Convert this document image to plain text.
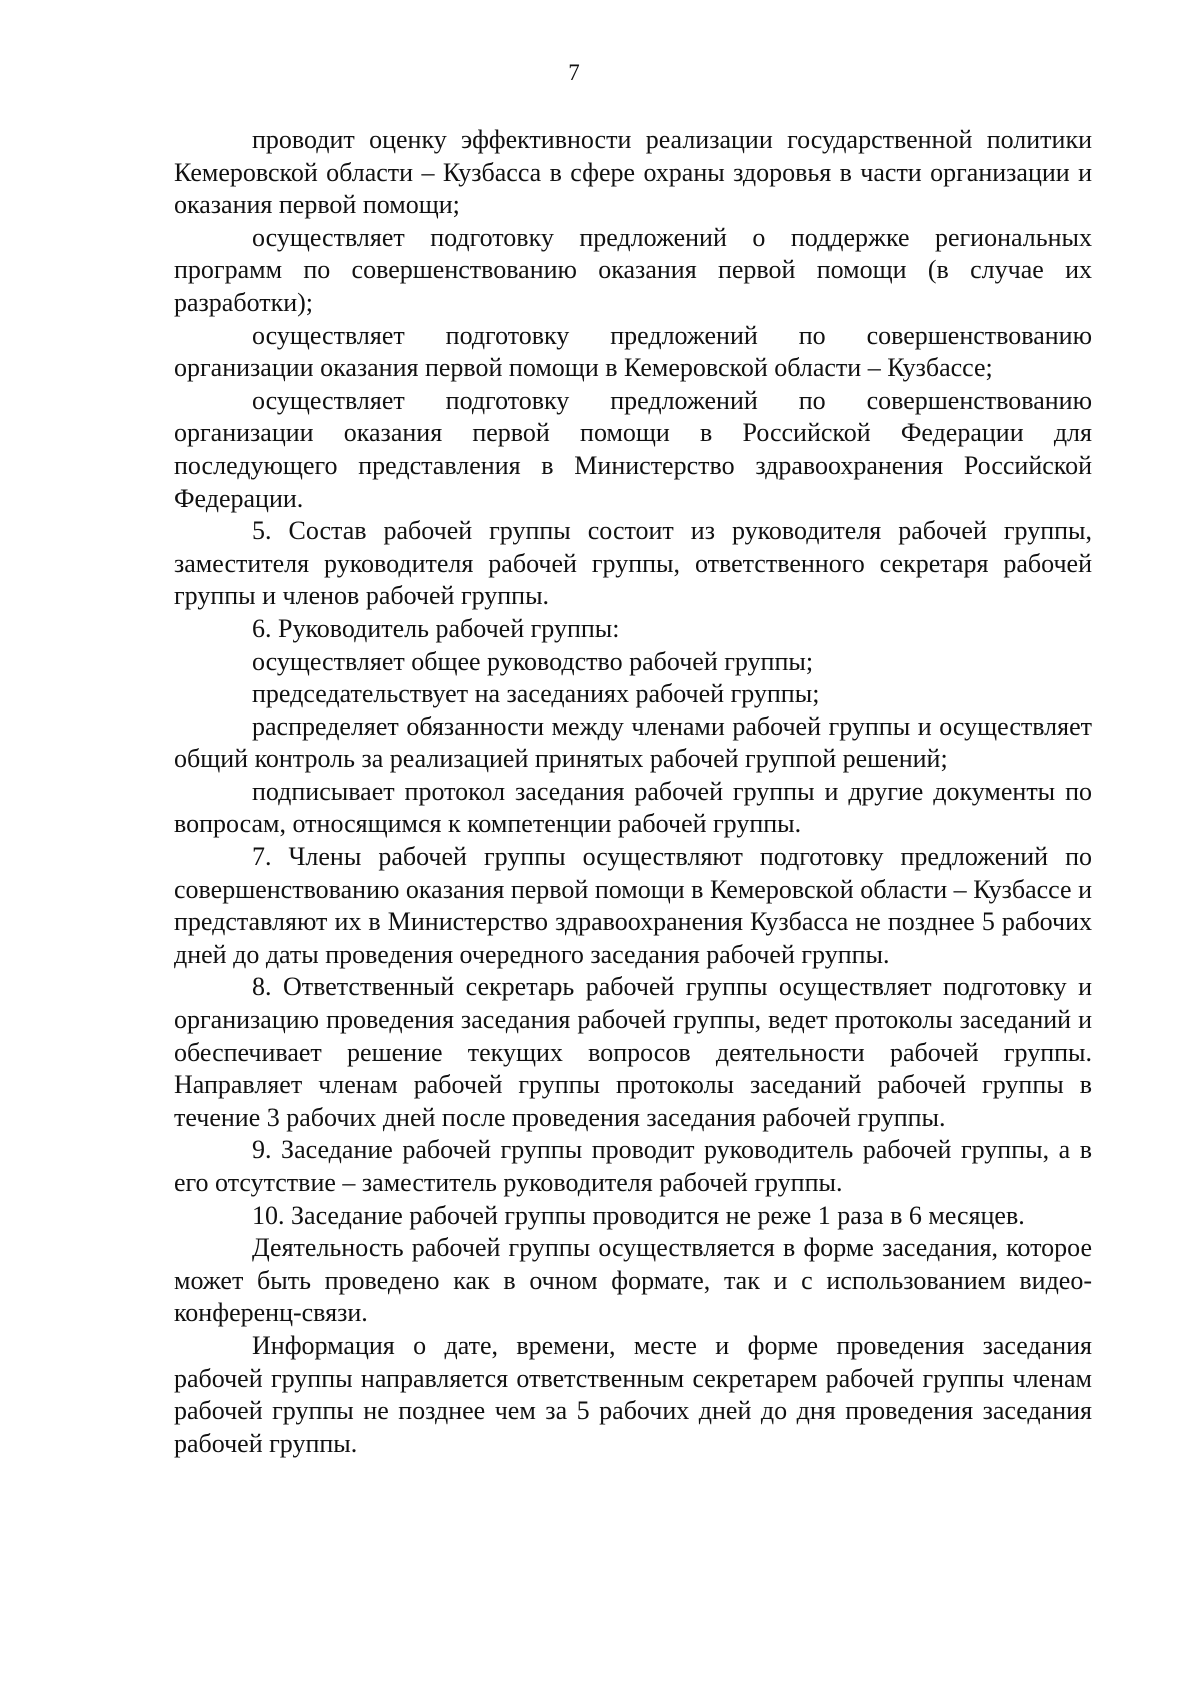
7

проводит оценку эффективности реализации государственной политики Кемеровской области – Кузбасса в сфере охраны здоровья в части организации и оказания первой помощи;

осуществляет подготовку предложений о поддержке региональных программ по совершенствованию оказания первой помощи (в случае их разработки);

осуществляет подготовку предложений по совершенствованию организации оказания первой помощи в Кемеровской области – Кузбассе;

осуществляет подготовку предложений по совершенствованию организации оказания первой помощи в Российской Федерации для последующего представления в Министерство здравоохранения Российской Федерации.

5. Состав рабочей группы состоит из руководителя рабочей группы, заместителя руководителя рабочей группы, ответственного секретаря рабочей группы и членов рабочей группы.

6. Руководитель рабочей группы:

осуществляет общее руководство рабочей группы;

председательствует на заседаниях рабочей группы;

распределяет обязанности между членами рабочей группы и осуществляет общий контроль за реализацией принятых рабочей группой решений;

подписывает протокол заседания рабочей группы и другие документы по вопросам, относящимся к компетенции рабочей группы.

7. Члены рабочей группы осуществляют подготовку предложений по совершенствованию оказания первой помощи в Кемеровской области – Кузбассе и представляют их в Министерство здравоохранения Кузбасса не позднее 5 рабочих дней до даты проведения очередного заседания рабочей группы.

8. Ответственный секретарь рабочей группы осуществляет подготовку и организацию проведения заседания рабочей группы, ведет протоколы заседаний и обеспечивает решение текущих вопросов деятельности рабочей группы. Направляет членам рабочей группы протоколы заседаний рабочей группы в течение 3 рабочих дней после проведения заседания рабочей группы.

9. Заседание рабочей группы проводит руководитель рабочей группы, а в его отсутствие – заместитель руководителя рабочей группы.

10. Заседание рабочей группы проводится не реже 1 раза в 6 месяцев.

Деятельность рабочей группы осуществляется в форме заседания, которое может быть проведено как в очном формате, так и с использованием видео-конференц-связи.

Информация о дате, времени, месте и форме проведения заседания рабочей группы направляется ответственным секретарем рабочей группы членам рабочей группы не позднее чем за 5 рабочих дней до дня проведения заседания рабочей группы.
